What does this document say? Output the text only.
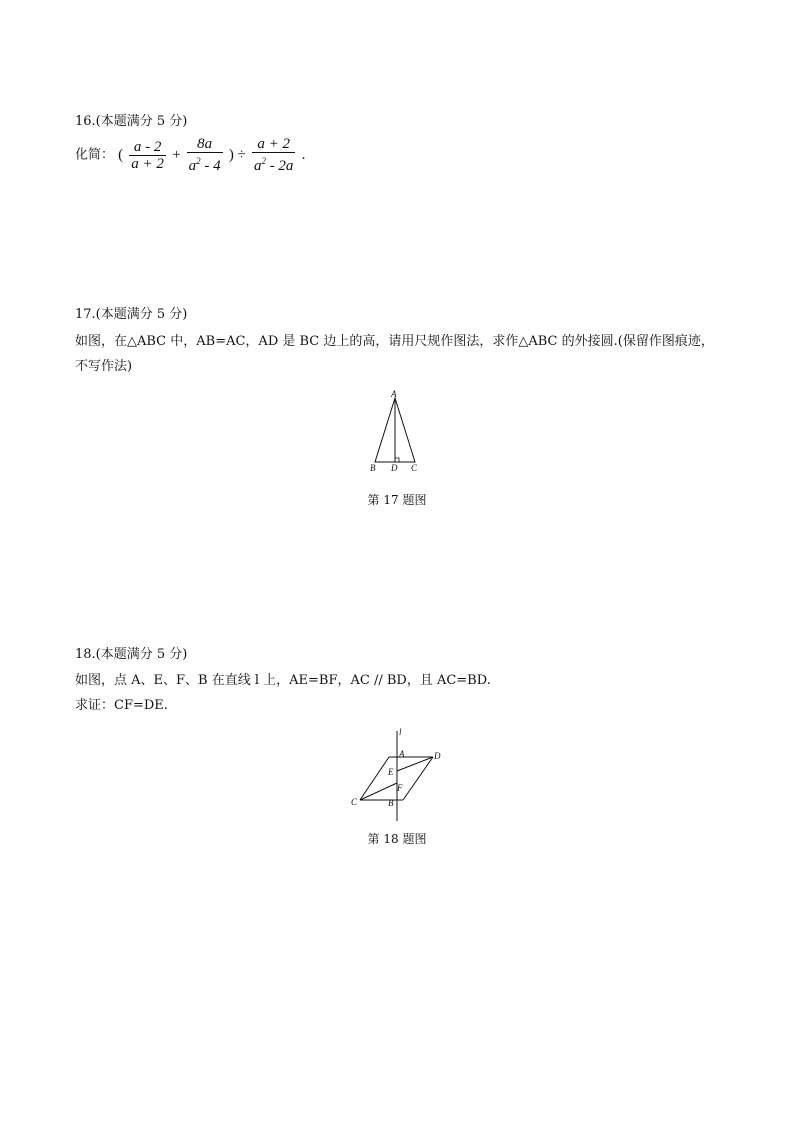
16.(本题满分 5 分)
化简： ( $\frac{a - 2}{a + 2} + \frac{8a}{a^2 - 4}$ ) ÷ $\frac{a + 2}{a^2 - 2a}$ .
17.(本题满分 5 分)
如图，在△ABC 中，AB=AC，AD 是 BC 边上的高，请用尺规作图法，求作△ABC 的外接圆.(保留作图痕迹，
不写作法)
A
B D C
第 17 题图
18.(本题满分 5 分)
如图，点 A、E、F、B 在直线 l 上，AE=BF，AC // BD，且 AC=BD.
求证：CF=DE.
l
A	D
E
F
C	B
第 18 题图
